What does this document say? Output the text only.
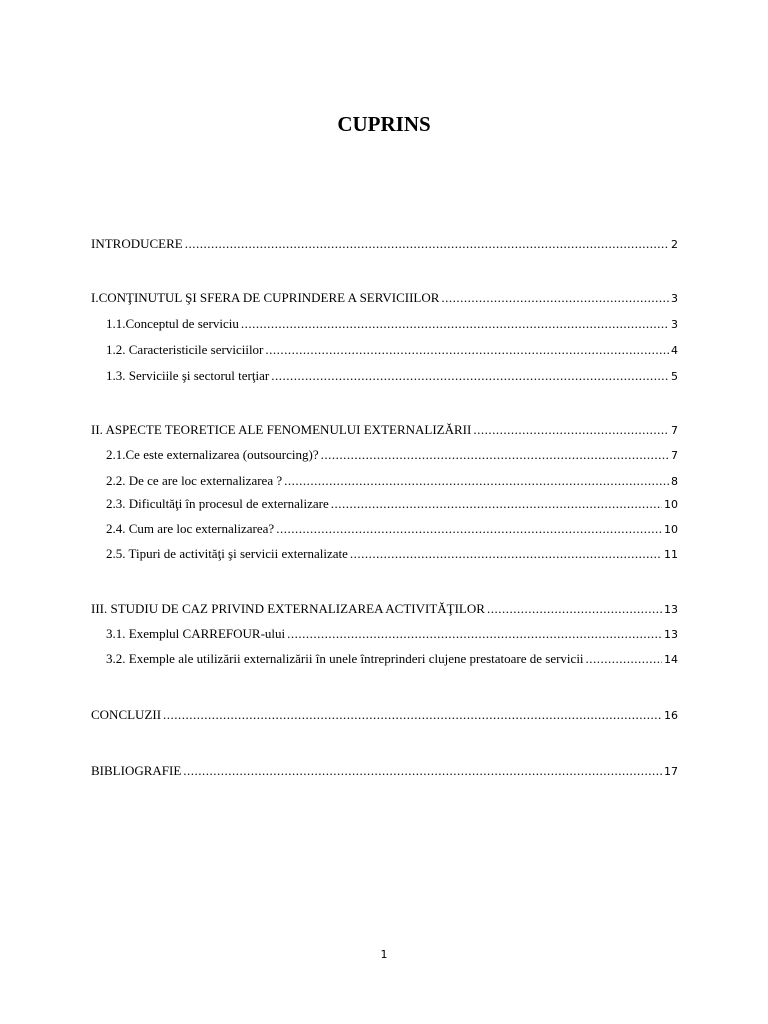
CUPRINS
INTRODUCERE .....	2
I.CONŢINUTUL ŞI SFERA DE CUPRINDERE A SERVICIILOR .....	3
1.1.Conceptul de serviciu .....	3
1.2. Caracteristicile serviciilor .....	4
1.3. Serviciile şi sectorul terţiar .....	5
II. ASPECTE TEORETICE ALE FENOMENULUI EXTERNALIZĂRII .....	7
2.1.Ce este externalizarea (outsourcing)? .....	7
2.2. De ce are loc externalizarea ? .....	8
2.3. Dificultăţi în procesul de externalizare .....	10
2.4. Cum are loc externalizarea? .....	10
2.5. Tipuri de activităţi şi servicii externalizate .....	11
III. STUDIU DE CAZ PRIVIND EXTERNALIZAREA ACTIVITĂŢILOR .....	13
3.1. Exemplul CARREFOUR-ului .....	13
3.2. Exemple ale utilizării externalizării în unele întreprinderi clujene prestatoare de servicii .....	14
CONCLUZII .....	16
BIBLIOGRAFIE .....	17
1
